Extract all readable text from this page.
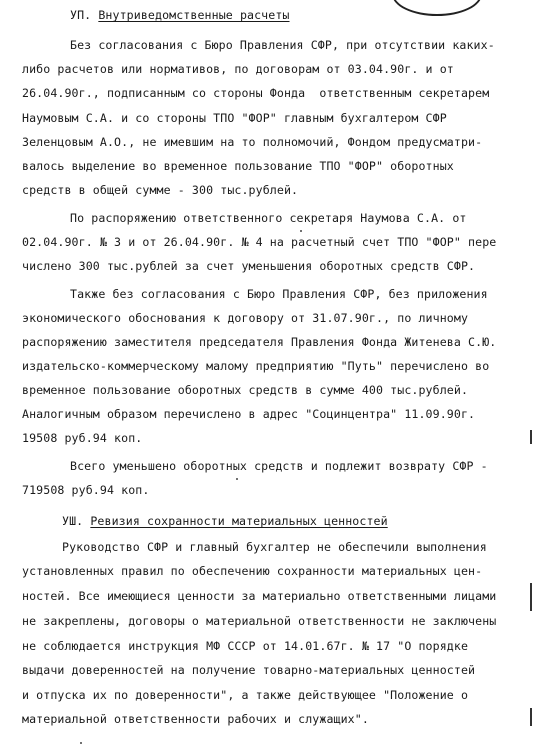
УП. Внутриведомственные расчеты
Без согласования с Бюро Правления СФР, при отсутствии каких-
либо расчетов или нормативов, по договорам от 03.04.90г. и от
26.04.90г., подписанным со стороны Фонда  ответственным секретарем
Наумовым С.А. и со стороны ТПО "ФОР" главным бухгалтером СФР
Зеленцовым А.О., не имевшим на то полномочий, Фондом предусматри-
валось выделение во временное пользование ТПО "ФОР" оборотных
средств в общей сумме - 300 тыс.рублей.
По распоряжению ответственного секретаря Наумова С.А. от
02.04.90г. № 3 и от 26.04.90г. № 4 на расчетный счет ТПО "ФОР" пере
числено 300 тыс.рублей за счет уменьшения оборотных средств СФР.
Также без согласования с Бюро Правления СФР, без приложения
экономического обоснования к договору от 31.07.90г., по личному
распоряжению заместителя председателя Правления Фонда Житенева С.Ю.
издательско-коммерческому малому предприятию "Путь" перечислено во
временное пользование оборотных средств в сумме 400 тыс.рублей.
Аналогичным образом перечислено в адрес "Социнцентра" 11.09.90г.
19508 руб.94 коп.
Всего уменьшено оборотных средств и подлежит возврату СФР -
719508 руб.94 коп.
УШ. Ревизия сохранности материальных ценностей
Руководство СФР и главный бухгалтер не обеспечили выполнения
установленных правил по обеспечению сохранности материальных цен-
ностей. Все имеющиеся ценности за материально ответственными лицами
не закреплены, договоры о материальной ответственности не заключены
не соблюдается инструкция МФ СССР от 14.01.67г. № 17 "О порядке
выдачи доверенностей на получение товарно-материальных ценностей
и отпуска их по доверенности", а также действующее "Положение о
материальной ответственности рабочих и служащих".
